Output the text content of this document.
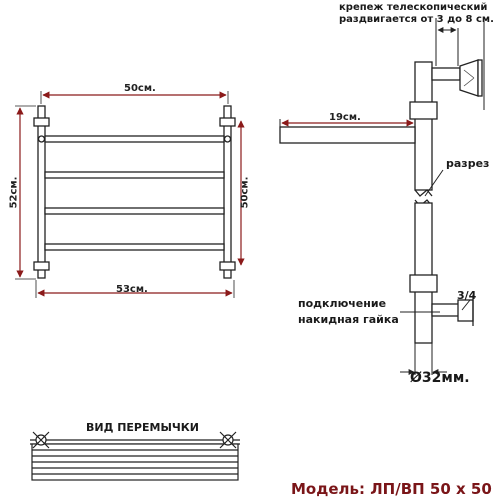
крепеж телескопический
раздвигается от 3 до 8 см.
50см.
53см.
52см.	50см.
19см.
разрез
3/4
подключение
накидная гайка
Ø32мм.
ВИД ПЕРЕМЫЧКИ
Модель: ЛП/ВП 50 х 50
